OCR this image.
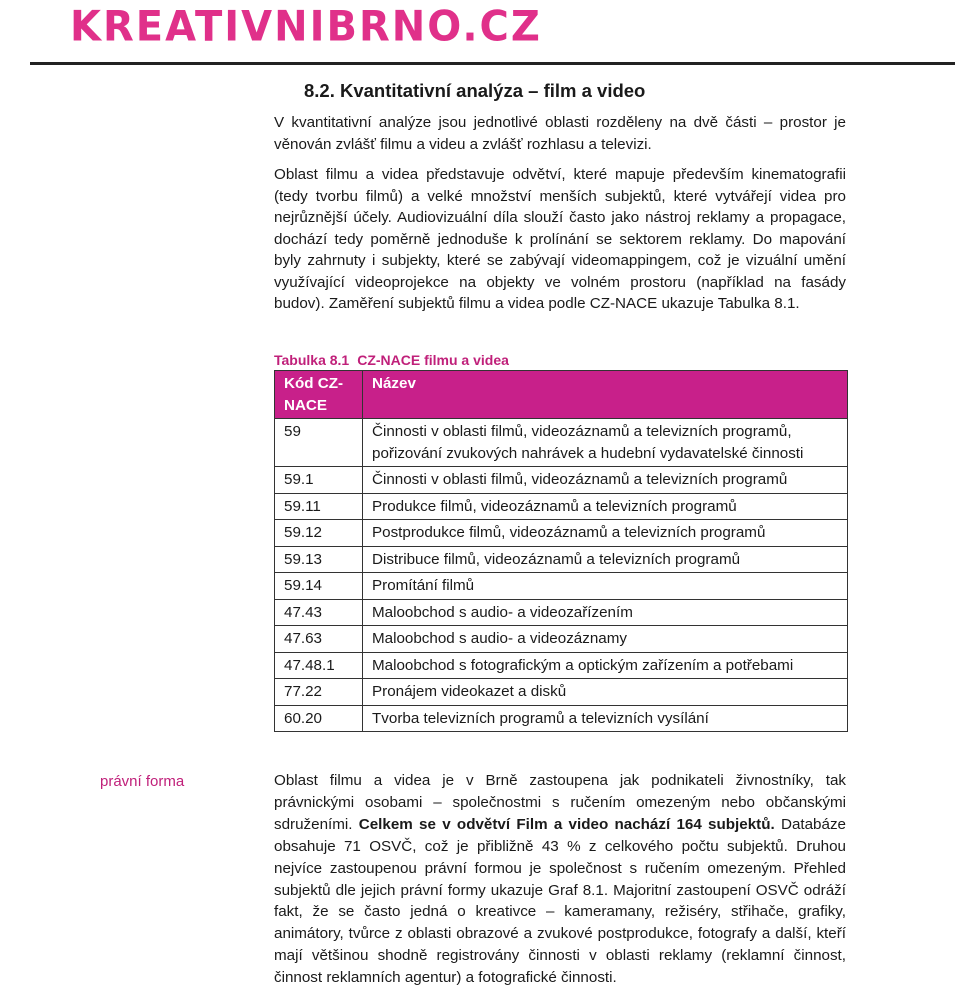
KREATIVNIBRNO.CZ
8.2. Kvantitativní analýza – film a video

V kvantitativní analýze jsou jednotlivé oblasti rozděleny na dvě části – prostor je věnován zvlášť filmu a videu a zvlášť rozhlasu a televizi.

Oblast filmu a videa představuje odvětví, které mapuje především kinematografii (tedy tvorbu filmů) a velké množství menších subjektů, které vytvářejí videa pro nejrůznější účely. Audiovizuální díla slouží často jako nástroj reklamy a propagace, dochází tedy poměrně jednoduše k prolínání se sektorem reklamy. Do mapování byly zahrnuty i subjekty, které se zabývají videomappingem, což je vizuální umění využívající videoprojekce na objekty ve volném prostoru (například na fasády budov). Zaměření subjektů filmu a videa podle CZ-NACE ukazuje Tabulka 8.1.

Tabulka 8.1 CZ-NACE filmu a videa
Kód CZ-NACE	Název
59	Činnosti v oblasti filmů, videozáznamů a televizních programů, pořizování zvukových nahrávek a hudební vydavatelské činnosti
59.1	Činnosti v oblasti filmů, videozáznamů a televizních programů
59.11	Produkce filmů, videozáznamů a televizních programů
59.12	Postprodukce filmů, videozáznamů a televizních programů
59.13	Distribuce filmů, videozáznamů a televizních programů
59.14	Promítání filmů
47.43	Maloobchod s audio- a videozařízením
47.63	Maloobchod s audio- a videozáznamy
47.48.1	Maloobchod s fotografickým a optickým zařízením a potřebami
77.22	Pronájem videokazet a disků
60.20	Tvorba televizních programů a televizních vysílání
právní forma	Oblast filmu a videa je v Brně zastoupena jak podnikateli živnostníky, tak právnickými osobami – společnostmi s ručením omezeným nebo občanskými sdruženími. Celkem se v odvětví Film a video nachází 164 subjektů. Databáze obsahuje 71 OSVČ, což je přibližně 43 % z celkového počtu subjektů. Druhou nejvíce zastoupenou právní formou je společnost s ručením omezeným. Přehled subjektů dle jejich právní formy ukazuje Graf 8.1. Majoritní zastoupení OSVČ odráží fakt, že se často jedná o kreativce – kameramany, režiséry, střihače, grafiky, animátory, tvůrce z oblasti obrazové a zvukové postprodukce, fotografy a další, kteří mají většinou shodně registrovány činnosti v oblasti reklamy (reklamní činnost, činnost reklamních agentur) a fotografické činnosti.
